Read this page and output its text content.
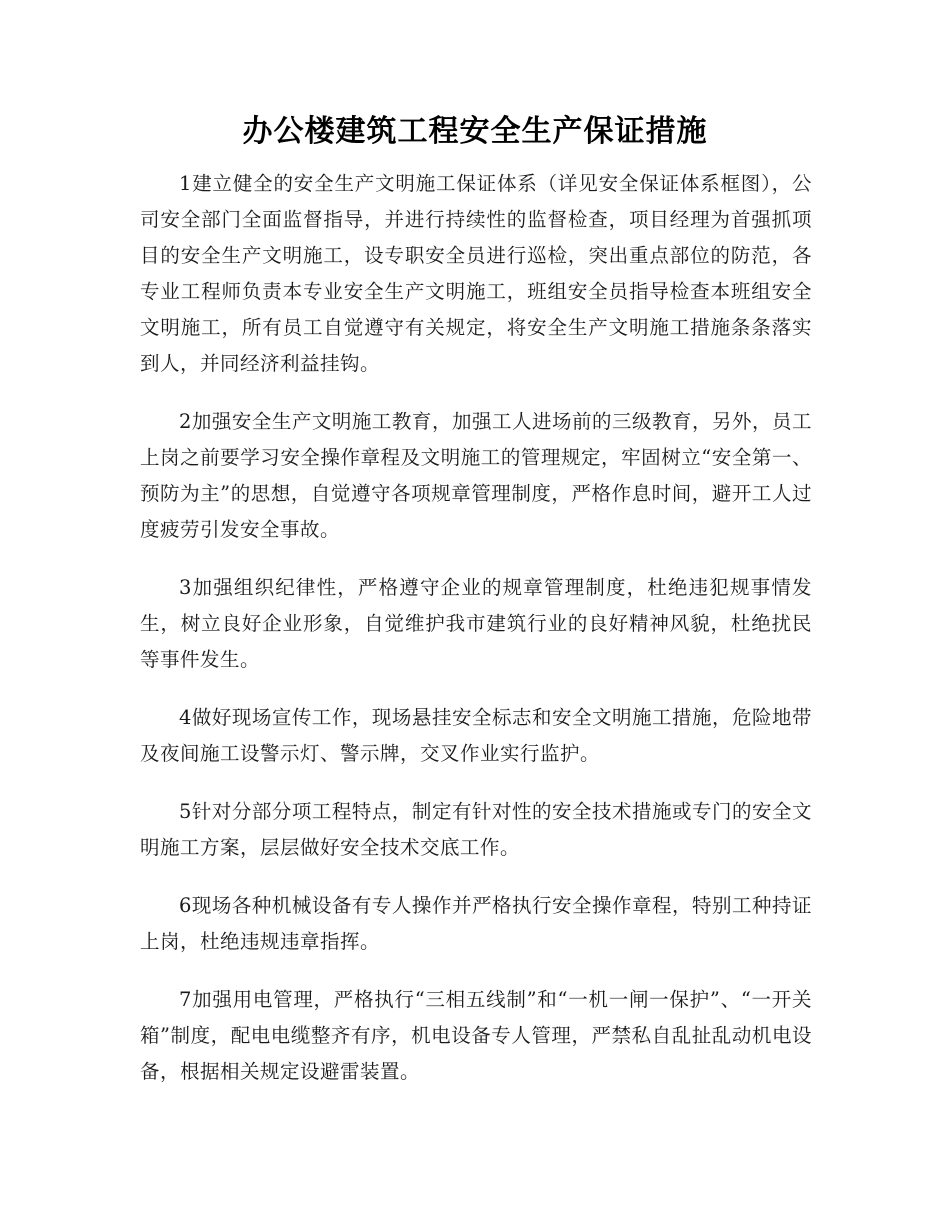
办公楼建筑工程安全生产保证措施

1建立健全的安全生产文明施工保证体系（详见安全保证体系框图），公司安全部门全面监督指导，并进行持续性的监督检查，项目经理为首强抓项目的安全生产文明施工，设专职安全员进行巡检，突出重点部位的防范，各专业工程师负责本专业安全生产文明施工，班组安全员指导检查本班组安全文明施工，所有员工自觉遵守有关规定，将安全生产文明施工措施条条落实到人，并同经济利益挂钩。

2加强安全生产文明施工教育，加强工人进场前的三级教育，另外，员工上岗之前要学习安全操作章程及文明施工的管理规定，牢固树立“安全第一、预防为主”的思想，自觉遵守各项规章管理制度，严格作息时间，避开工人过度疲劳引发安全事故。

3加强组织纪律性，严格遵守企业的规章管理制度，杜绝违犯规事情发生，树立良好企业形象，自觉维护我市建筑行业的良好精神风貌，杜绝扰民等事件发生。

4做好现场宣传工作，现场悬挂安全标志和安全文明施工措施，危险地带及夜间施工设警示灯、警示牌，交叉作业实行监护。

5针对分部分项工程特点，制定有针对性的安全技术措施或专门的安全文明施工方案，层层做好安全技术交底工作。

6现场各种机械设备有专人操作并严格执行安全操作章程，特别工种持证上岗，杜绝违规违章指挥。

7加强用电管理，严格执行“三相五线制”和“一机一闸一保护”、“一开关箱”制度，配电电缆整齐有序，机电设备专人管理，严禁私自乱扯乱动机电设备，根据相关规定设避雷装置。
